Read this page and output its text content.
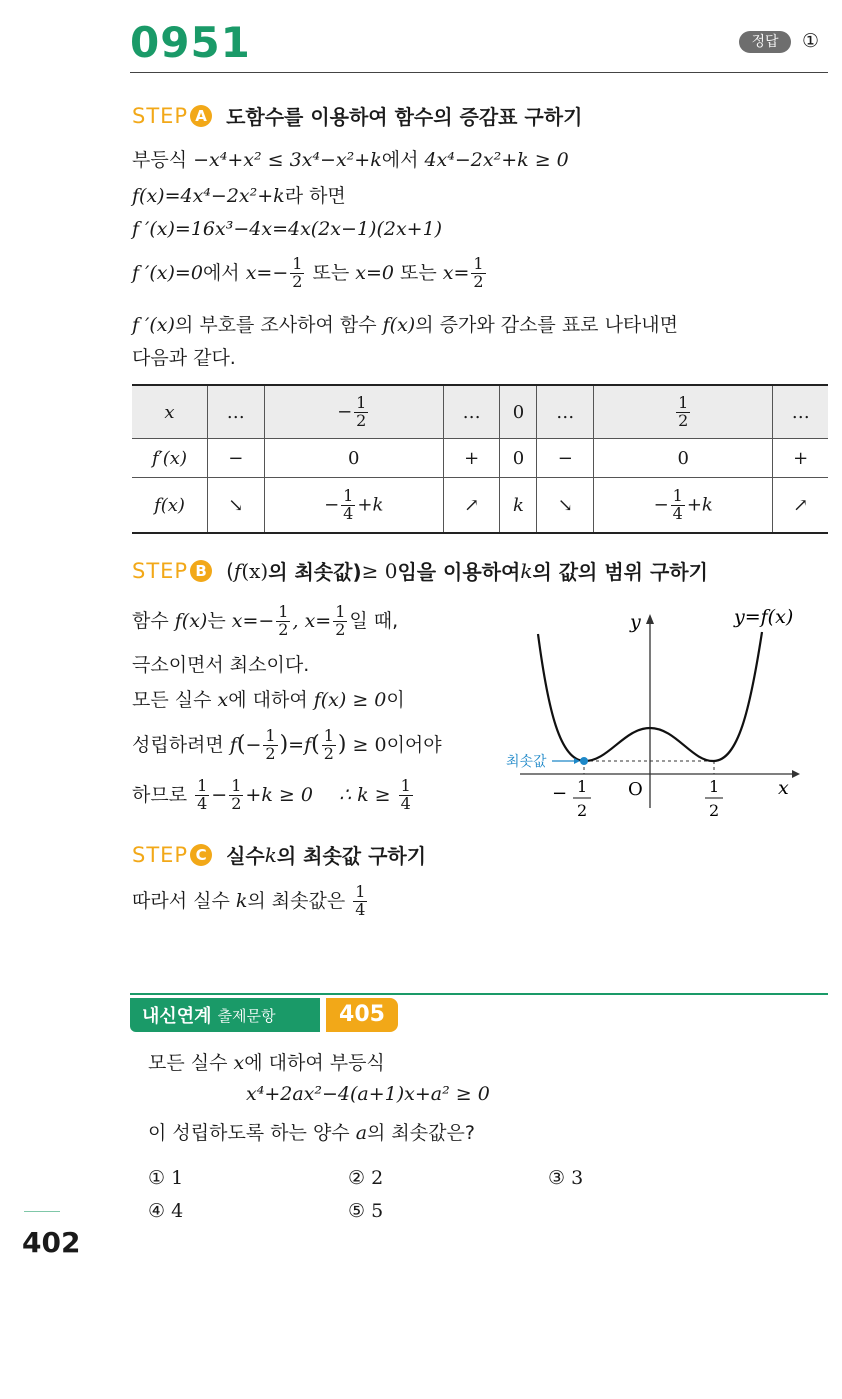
0951	정답	①
STEP A 도함수를 이용하여 함수의 증감표 구하기
부등식 −x⁴+x² ≤ 3x⁴−x²+k에서 4x⁴−2x²+k ≥ 0
f(x)=4x⁴−2x²+k라 하면
f ′(x)=16x³−4x=4x(2x−1)(2x+1)
f ′(x)=0에서 $x=- \frac{1}{2}$ 또는 x=0 또는 $x= \frac{1}{2}$
f ′(x)의 부호를 조사하여 함수 f(x)의 증가와 감소를 표로 나타내면
다음과 같다.
x	…	− $\frac{1}{2}$	…	0	…	$\frac{1}{2}$	…
f′(x)	−	0	+	0	−	0	+
f(x)	↘	− $\frac{1}{4} +k$	↗	k	↘	− $\frac{1}{4} +k$	↗
STEP B ( f (x) 의 최솟값) ≥ 0 임을 이용하여 k 의 값의 범위 구하기
함수 f(x)는 $x=- \frac{1}{2}$ , $x= \frac{1}{2}$ 일 때,
극소이면서 최소이다.
모든 실수 x에 대하여 f(x) ≥ 0이
성립하려면 $f(- \frac{1}{2} )=f( \frac{1}{2}$ ) ≥ 0이어야
하므로 $\frac{1}{4} - \frac{1}{2} +k \ge 0$ ∴ $k \ge \frac{1}{4}$
최솟값
y
x
y=f(x)
O
− 1
2
1
2
STEP C 실수 k 의 최솟값 구하기
따라서 실수 k의 최솟값은 $\frac{1}{4}$
내신연계 출제문항	405
모든 실수 x에 대하여 부등식
x⁴+2ax²−4(a+1)x+a² ≥ 0
이 성립하도록 하는 양수 a의 최솟값은?
① 1	② 2	③ 3
④ 4	⑤ 5
402
